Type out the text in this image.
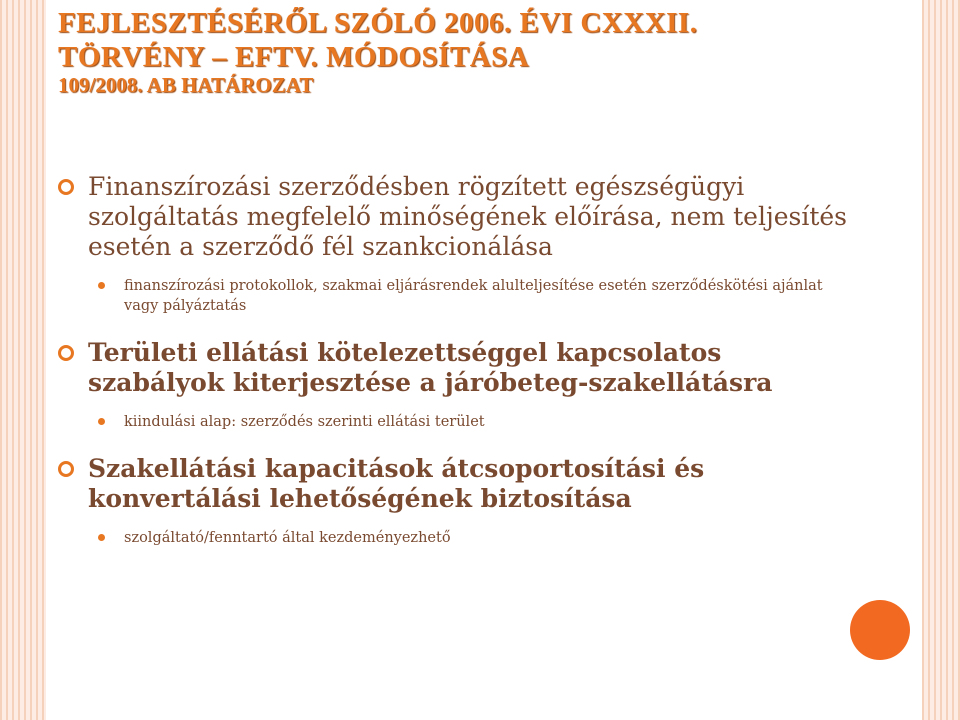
FEJLESZTÉSÉRŐL SZÓLÓ 2006. ÉVI CXXXII.
TÖRVÉNY – EFTV. MÓDOSÍTÁSA
109/2008. AB HATÁROZAT
Finanszírozási szerződésben rögzített egészségügyi szolgáltatás megfelelő minőségének előírása, nem teljesítés esetén a szerződő fél szankcionálása
finanszírozási protokollok, szakmai eljárásrendek alulteljesítése esetén szerződéskötési ajánlat vagy pályáztatás
Területi ellátási kötelezettséggel kapcsolatos szabályok kiterjesztése a járóbeteg-szakellátásra
kiindulási alap: szerződés szerinti ellátási terület
Szakellátási kapacitások átcsoportosítási és konvertálási lehetőségének biztosítása
szolgáltató/fenntartó által kezdeményezhető
